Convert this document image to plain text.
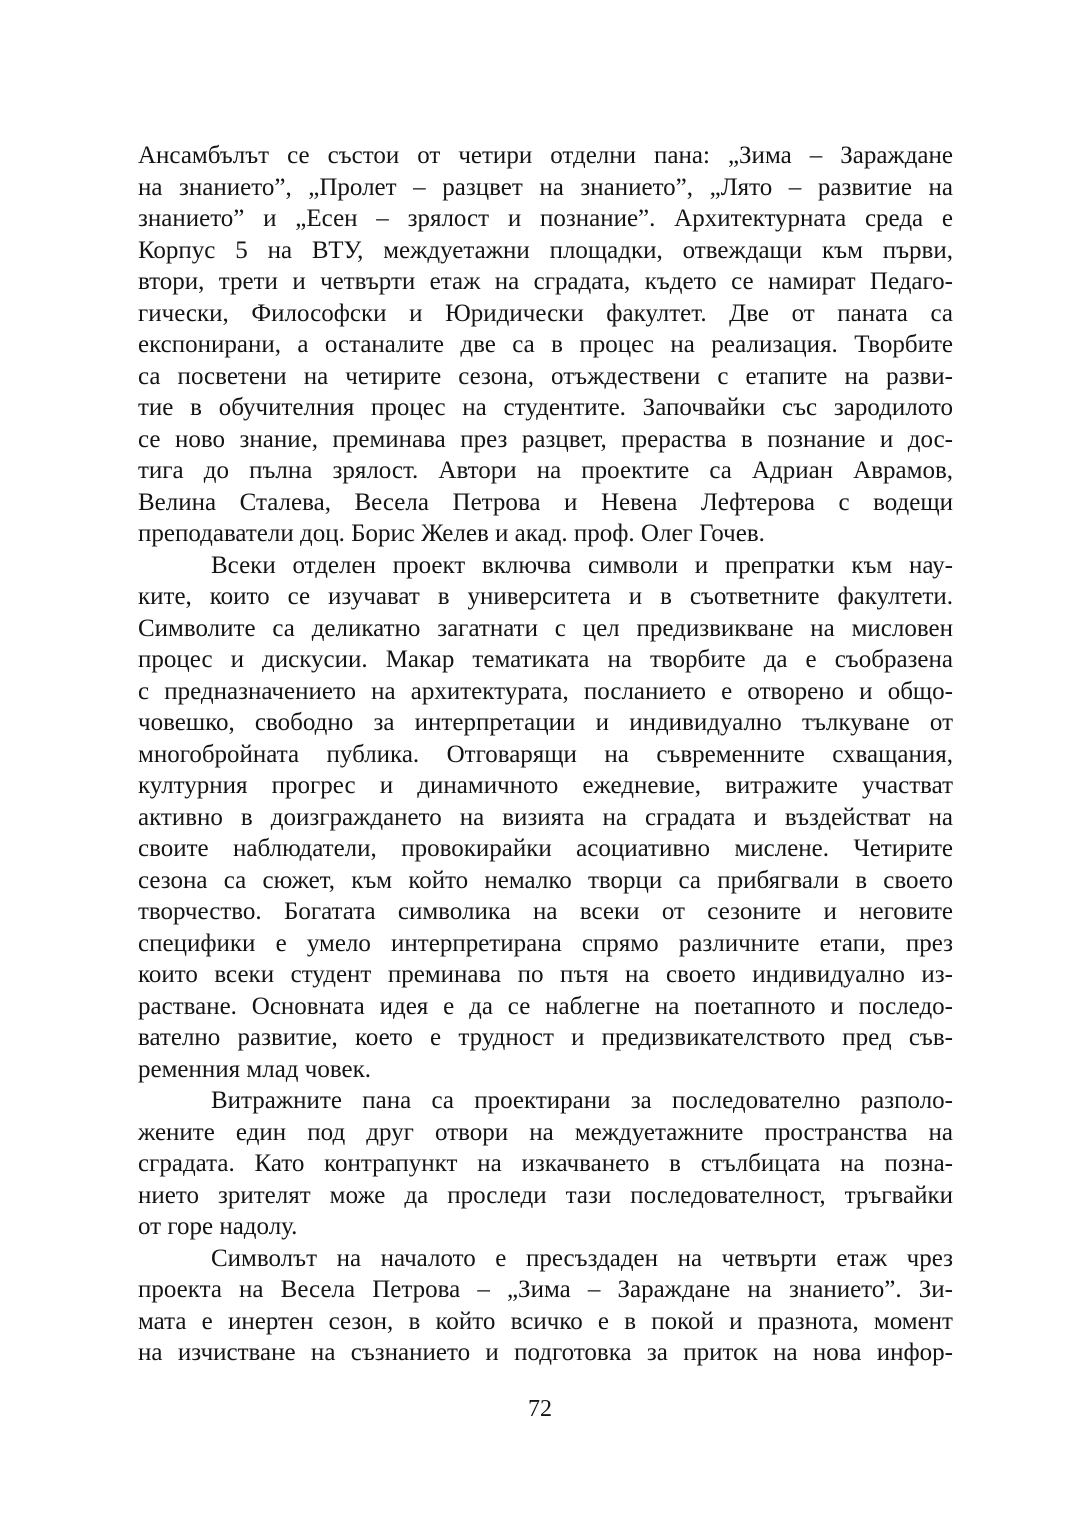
Ансамбълът се състои от четири отделни пана: „Зима – Зараждане
на знанието”, „Пролет – разцвет на знанието”, „Лято – развитие на
знанието” и „Есен – зрялост и познание”. Архитектурната среда е
Корпус 5 на ВТУ, междуетажни площадки, отвеждащи към първи,
втори, трети и четвърти етаж на сградата, където се намират Педаго-
гически, Философски и Юридически факултет. Две от паната са
експонирани, а останалите две са в процес на реализация. Творбите
са посветени на четирите сезона, отъждествени с етапите на разви-
тие в обучителния процес на студентите. Започвайки със зародилото
се ново знание, преминава през разцвет, прераства в познание и дос-
тига до пълна зрялост. Автори на проектите са Адриан Аврамов,
Велина Сталева, Весела Петрова и Невена Лефтерова с водещи
преподаватели доц. Борис Желев и акад. проф. Олег Гочев.
Всеки отделен проект включва символи и препратки към нау-
ките, които се изучават в университета и в съответните факултети.
Символите са деликатно загатнати с цел предизвикване на мисловен
процес и дискусии. Макар тематиката на творбите да е съобразена
с предназначението на архитектурата, посланието е отворено и общо-
човешко, свободно за интерпретации и индивидуално тълкуване от
многобройната публика. Отговарящи на съвременните схващания,
културния прогрес и динамичното ежедневие, витражите участват
активно в доизграждането на визията на сградата и въздействат на
своите наблюдатели, провокирайки асоциативно мислене. Четирите
сезона са сюжет, към който немалко творци са прибягвали в своето
творчество. Богатата символика на всеки от сезоните и неговите
специфики е умело интерпретирана спрямо различните етапи, през
които всеки студент преминава по пътя на своето индивидуално из-
растване. Основната идея е да се наблегне на поетапното и последо-
вателно развитие, което е трудност и предизвикателството пред съв-
ременния млад човек.
Витражните пана са проектирани за последователно разполо-
жените един под друг отвори на междуетажните пространства на
сградата. Като контрапункт на изкачването в стълбицата на позна-
нието зрителят може да проследи тази последователност, тръгвайки
от горе надолу.
Символът на началото е пресъздаден на четвърти етаж чрез
проекта на Весела Петрова – „Зима – Зараждане на знанието”. Зи-
мата е инертен сезон, в който всичко е в покой и празнота, момент
на изчистване на съзнанието и подготовка за приток на нова инфор-
72
